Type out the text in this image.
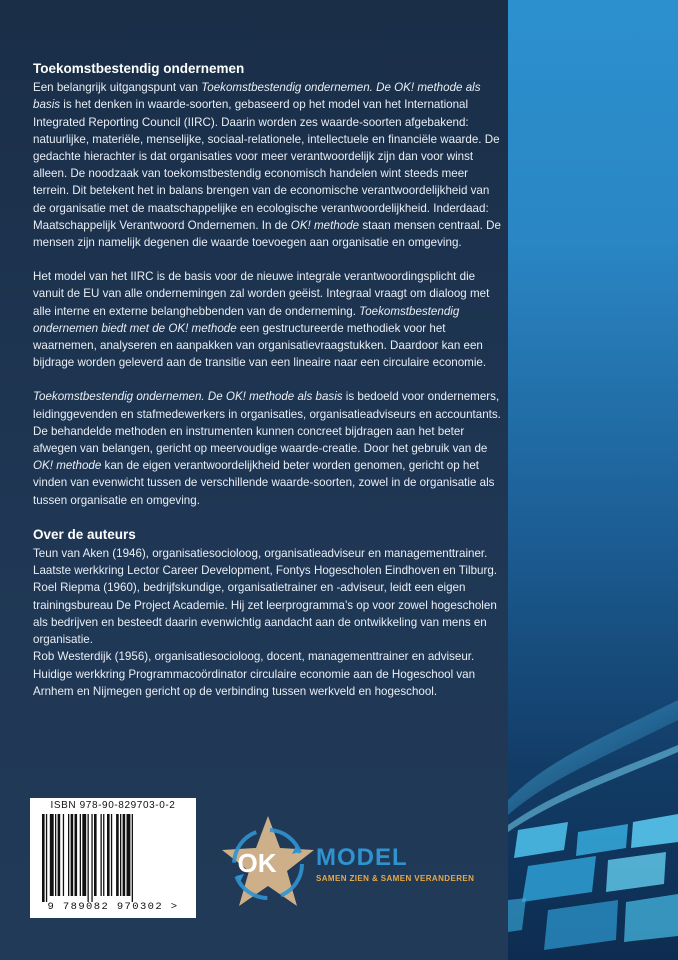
Toekomstbestendig ondernemen

Een belangrijk uitgangspunt van Toekomstbestendig ondernemen. De OK! methode als basis is het denken in waarde-soorten, gebaseerd op het model van het International Integrated Reporting Council (IIRC). Daarin worden zes waarde-soorten afgebakend: natuurlijke, materiële, menselijke, sociaal-relationele, intellectuele en financiële waarde. De gedachte hierachter is dat organisaties voor meer verantwoordelijk zijn dan voor winst alleen. De noodzaak van toekomstbestendig economisch handelen wint steeds meer terrein. Dit betekent het in balans brengen van de economische verantwoordelijkheid van de organisatie met de maatschappelijke en ecologische verantwoordelijkheid. Inderdaad: Maatschappelijk Verantwoord Ondernemen. In de OK! methode staan mensen centraal. De mensen zijn namelijk degenen die waarde toevoegen aan organisatie en omgeving.

Het model van het IIRC is de basis voor de nieuwe integrale verantwoordingsplicht die vanuit de EU van alle ondernemingen zal worden geëist. Integraal vraagt om dialoog met alle interne en externe belanghebbenden van de onderneming. Toekomstbestendig ondernemen biedt met de OK! methode een gestructureerde methodiek voor het waarnemen, analyseren en aanpakken van organisatievraagstukken. Daardoor kan een bijdrage worden geleverd aan de transitie van een lineaire naar een circulaire economie.

Toekomstbestendig ondernemen. De OK! methode als basis is bedoeld voor ondernemers, leidinggevenden en stafmedewerkers in organisaties, organisatieadviseurs en accountants. De behandelde methoden en instrumenten kunnen concreet bijdragen aan het beter afwegen van belangen, gericht op meervoudige waarde-creatie. Door het gebruik van de OK! methode kan de eigen verantwoordelijkheid beter worden genomen, gericht op het vinden van evenwicht tussen de verschillende waarde-soorten, zowel in de organisatie als tussen organisatie en omgeving.

Over de auteurs

Teun van Aken (1946), organisatiesocioloog, organisatieadviseur en managementtrainer. Laatste werkkring Lector Career Development, Fontys Hogescholen Eindhoven en Tilburg.

Roel Riepma (1960), bedrijfskundige, organisatietrainer en -adviseur, leidt een eigen trainingsbureau De Project Academie. Hij zet leerprogramma’s op voor zowel hogescholen als bedrijven en besteedt daarin evenwichtig aandacht aan de ontwikkeling van mens en organisatie.

Rob Westerdijk (1956), organisatiesocioloog, docent, managementtrainer en adviseur. Huidige werkkring Programmacoördinator circulaire economie aan de Hogeschool van Arnhem en Nijmegen gericht op de verbinding tussen werkveld en hogeschool.

ISBN 978-90-829703-0-2
9 789082 970302 >
OK MODEL
SAMEN ZIEN & SAMEN VERANDEREN
